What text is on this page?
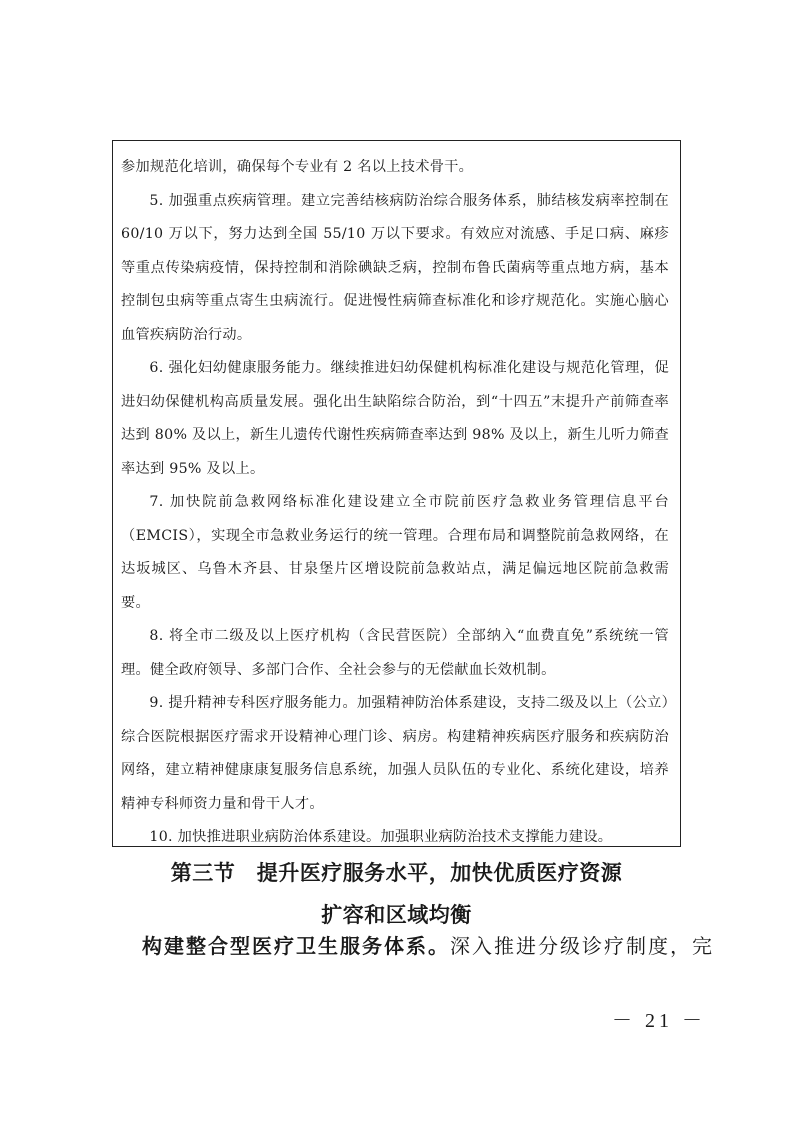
参加规范化培训，确保每个专业有 2 名以上技术骨干。

5. 加强重点疾病管理。建立完善结核病防治综合服务体系，肺结核发病率控制在 60/10 万以下，努力达到全国 55/10 万以下要求。有效应对流感、手足口病、麻疹等重点传染病疫情，保持控制和消除碘缺乏病，控制布鲁氏菌病等重点地方病，基本控制包虫病等重点寄生虫病流行。促进慢性病筛查标准化和诊疗规范化。实施心脑心血管疾病防治行动。

6. 强化妇幼健康服务能力。继续推进妇幼保健机构标准化建设与规范化管理，促进妇幼保健机构高质量发展。强化出生缺陷综合防治，到“十四五”末提升产前筛查率达到 80% 及以上，新生儿遗传代谢性疾病筛查率达到 98% 及以上，新生儿听力筛查率达到 95% 及以上。

7. 加快院前急救网络标准化建设建立全市院前医疗急救业务管理信息平台（EMCIS），实现全市急救业务运行的统一管理。合理布局和调整院前急救网络，在达坂城区、乌鲁木齐县、甘泉堡片区增设院前急救站点，满足偏远地区院前急救需要。

8. 将全市二级及以上医疗机构（含民营医院）全部纳入“血费直免”系统统一管理。健全政府领导、多部门合作、全社会参与的无偿献血长效机制。

9. 提升精神专科医疗服务能力。加强精神防治体系建设，支持二级及以上（公立）综合医院根据医疗需求开设精神心理门诊、病房。构建精神疾病医疗服务和疾病防治网络，建立精神健康康复服务信息系统，加强人员队伍的专业化、系统化建设，培养精神专科师资力量和骨干人才。

10. 加快推进职业病防治体系建设。加强职业病防治技术支撑能力建设。

第三节　提升医疗服务水平，加快优质医疗资源
扩容和区域均衡
构建整合型医疗卫生服务体系。深入推进分级诊疗制度，完
－ 21 －
